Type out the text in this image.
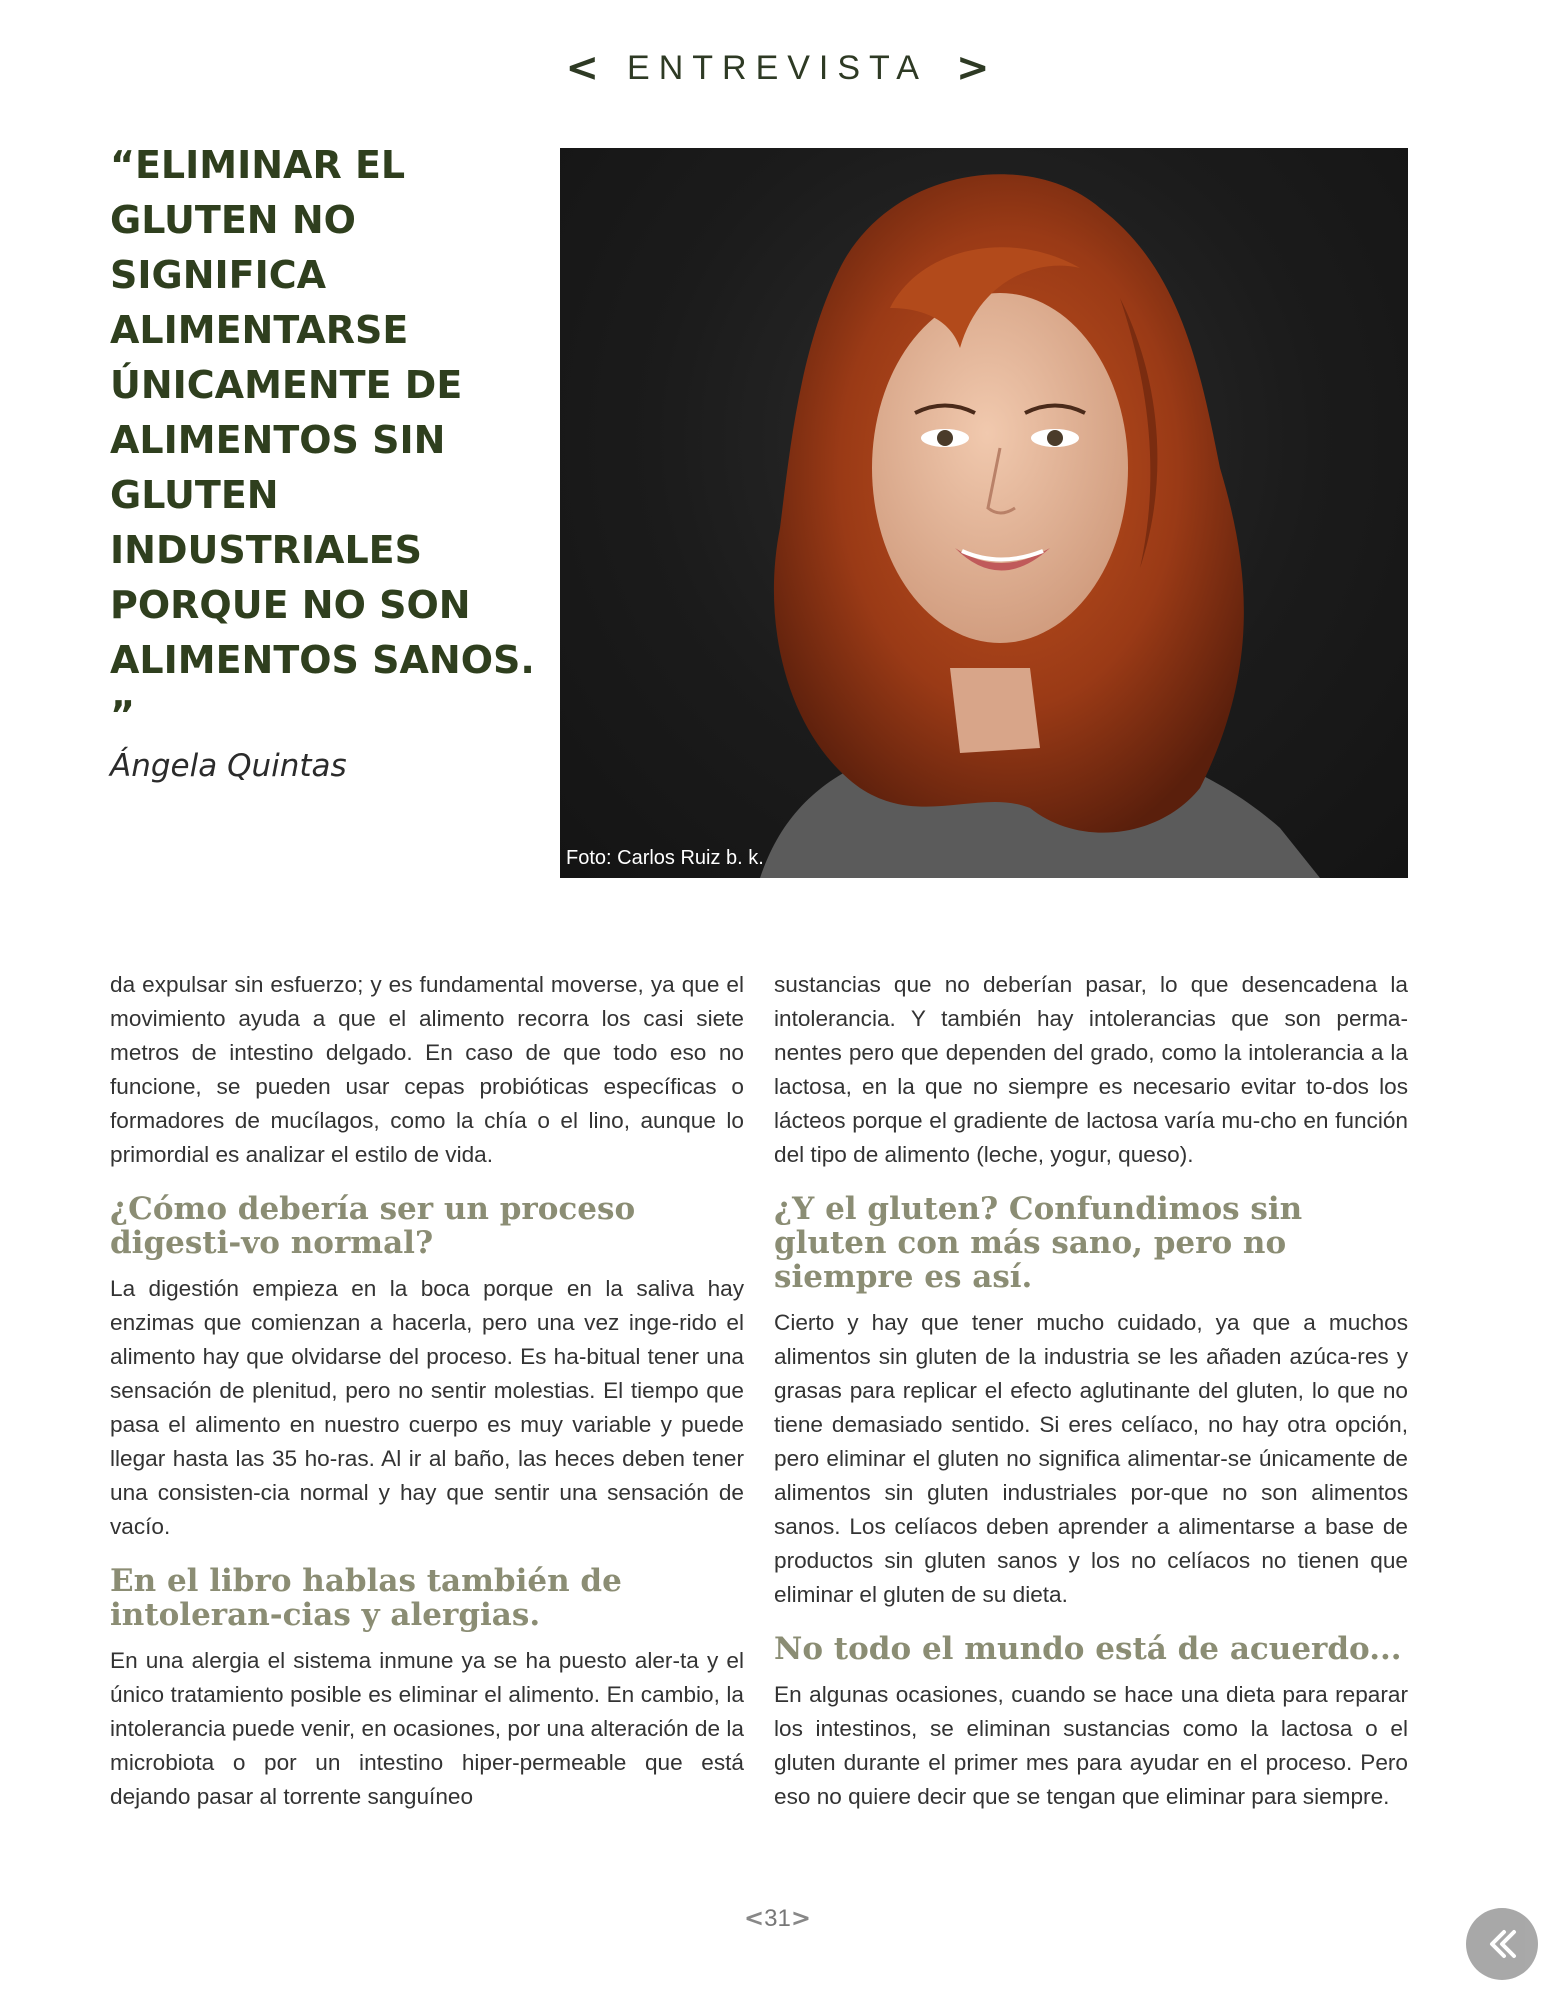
< ENTREVISTA >
“ELIMINAR EL GLUTEN NO SIGNIFICA ALIMENTARSE ÚNICAMENTE DE ALIMENTOS SIN GLUTEN INDUSTRIALES PORQUE NO SON ALIMENTOS SANOS. ”
Ángela Quintas
Foto: Carlos Ruiz b. k.

da expulsar sin esfuerzo; y es fundamental moverse, ya que el movimiento ayuda a que el alimento recorra los casi siete metros de intestino delgado. En caso de que todo eso no funcione, se pueden usar cepas probióticas específicas o formadores de mucílagos, como la chía o el lino, aunque lo primordial es analizar el estilo de vida.

¿Cómo debería ser un proceso digesti-vo normal?

La digestión empieza en la boca porque en la saliva hay enzimas que comienzan a hacerla, pero una vez inge-rido el alimento hay que olvidarse del proceso. Es ha-bitual tener una sensación de plenitud, pero no sentir molestias. El tiempo que pasa el alimento en nuestro cuerpo es muy variable y puede llegar hasta las 35 ho-ras. Al ir al baño, las heces deben tener una consisten-cia normal y hay que sentir una sensación de vacío.

En el libro hablas también de intoleran-cias y alergias.

En una alergia el sistema inmune ya se ha puesto aler-ta y el único tratamiento posible es eliminar el alimento. En cambio, la intolerancia puede venir, en ocasiones, por una alteración de la microbiota o por un intestino hiper-permeable que está dejando pasar al torrente sanguíneo

sustancias que no deberían pasar, lo que desencadena la intolerancia. Y también hay intolerancias que son perma-nentes pero que dependen del grado, como la intolerancia a la lactosa, en la que no siempre es necesario evitar to-dos los lácteos porque el gradiente de lactosa varía mu-cho en función del tipo de alimento (leche, yogur, queso).

¿Y el gluten? Confundimos sin gluten con más sano, pero no siempre es así.

Cierto y hay que tener mucho cuidado, ya que a muchos alimentos sin gluten de la industria se les añaden azúca-res y grasas para replicar el efecto aglutinante del gluten, lo que no tiene demasiado sentido. Si eres celíaco, no hay otra opción, pero eliminar el gluten no significa alimentar-se únicamente de alimentos sin gluten industriales por-que no son alimentos sanos. Los celíacos deben aprender a alimentarse a base de productos sin gluten sanos y los no celíacos no tienen que eliminar el gluten de su dieta.

No todo el mundo está de acuerdo...

En algunas ocasiones, cuando se hace una dieta para reparar los intestinos, se eliminan sustancias como la lactosa o el gluten durante el primer mes para ayudar en el proceso. Pero eso no quiere decir que se tengan que eliminar para siempre.

<31>
